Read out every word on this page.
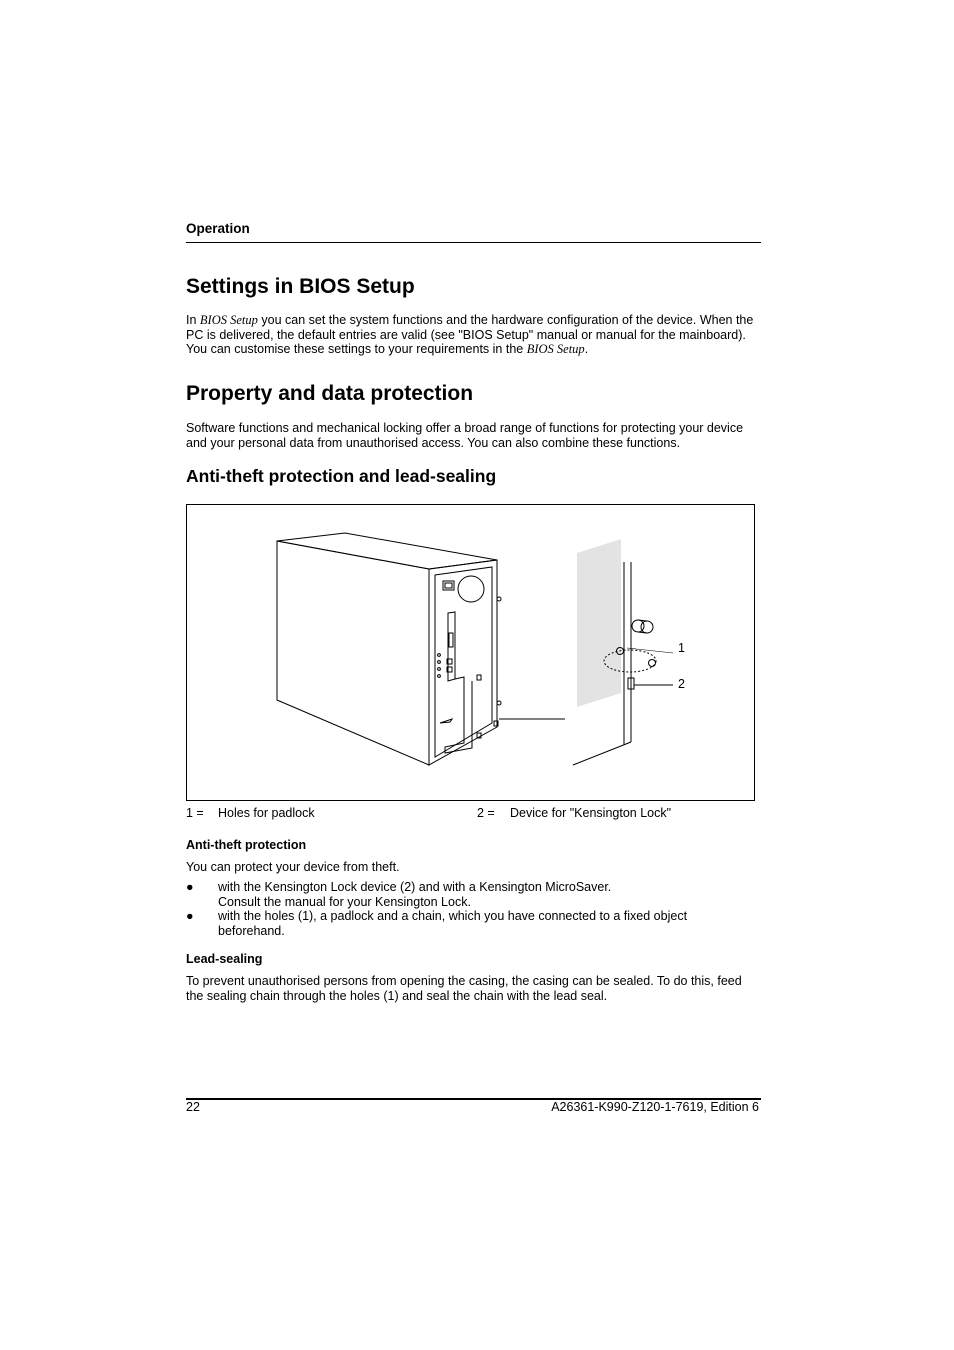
Operation
Settings in BIOS Setup

In BIOS Setup you can set the system functions and the hardware configuration of the device. When the PC is delivered, the default entries are valid (see "BIOS Setup" manual or manual for the mainboard). You can customise these settings to your requirements in the BIOS Setup.

Property and data protection

Software functions and mechanical locking offer a broad range of functions for protecting your device and your personal data from unauthorised access. You can also combine these functions.

Anti-theft protection and lead-sealing
1
2
1 = Holes for padlock	2 = Device for "Kensington Lock"
Anti-theft protection

You can protect your device from theft.

● with the Kensington Lock device (2) and with a Kensington MicroSaver.
Consult the manual for your Kensington Lock.
● with the holes (1), a padlock and a chain, which you have connected to a fixed object
beforehand.
Lead-sealing

To prevent unauthorised persons from opening the casing, the casing can be sealed. To do this, feed the sealing chain through the holes (1) and seal the chain with the lead seal.

22	A26361-K990-Z120-1-7619, Edition 6
